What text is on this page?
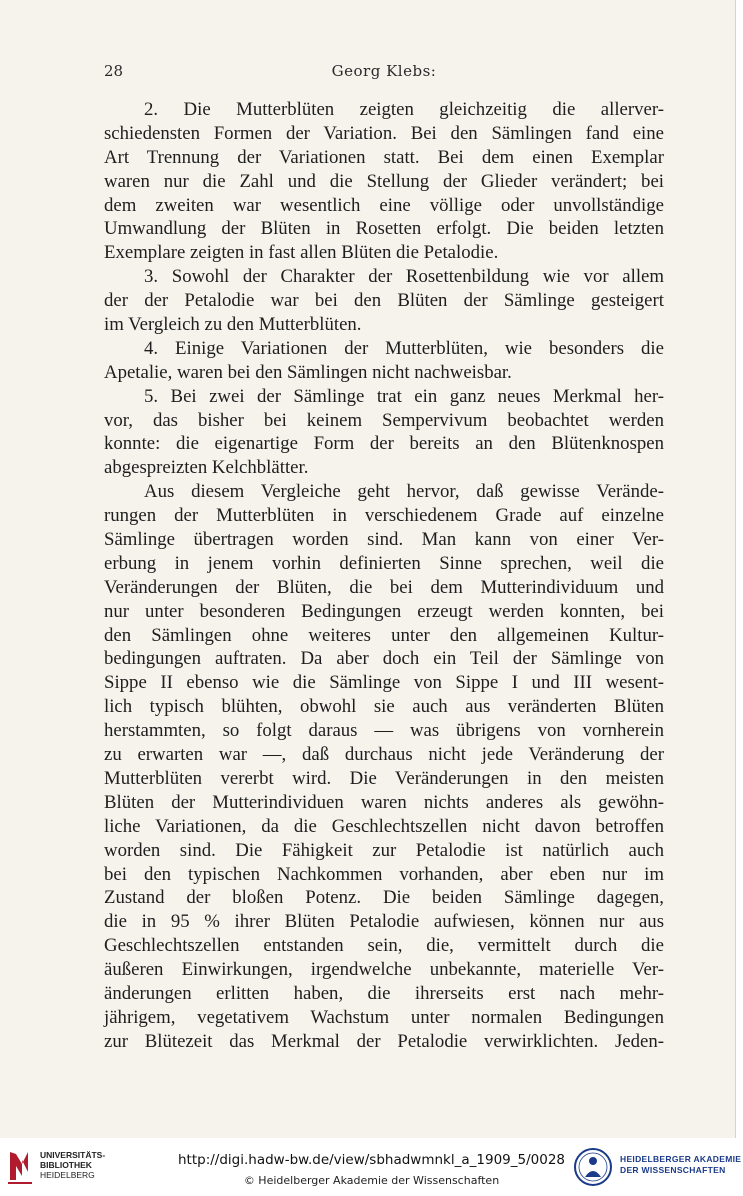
28	Georg Klebs:
2. Die Mutterblüten zeigten gleichzeitig die allerver-
schiedensten Formen der Variation. Bei den Sämlingen fand eine
Art Trennung der Variationen statt. Bei dem einen Exemplar
waren nur die Zahl und die Stellung der Glieder verändert; bei
dem zweiten war wesentlich eine völlige oder unvollständige
Umwandlung der Blüten in Rosetten erfolgt. Die beiden letzten
Exemplare zeigten in fast allen Blüten die Petalodie.
3. Sowohl der Charakter der Rosettenbildung wie vor allem
der der Petalodie war bei den Blüten der Sämlinge gesteigert
im Vergleich zu den Mutterblüten.
4. Einige Variationen der Mutterblüten, wie besonders die
Apetalie, waren bei den Sämlingen nicht nachweisbar.
5. Bei zwei der Sämlinge trat ein ganz neues Merkmal her-
vor, das bisher bei keinem Sempervivum beobachtet werden
konnte: die eigenartige Form der bereits an den Blütenknospen
abgespreizten Kelchblätter.
Aus diesem Vergleiche geht hervor, daß gewisse Verände-
rungen der Mutterblüten in verschiedenem Grade auf einzelne
Sämlinge übertragen worden sind. Man kann von einer Ver-
erbung in jenem vorhin definierten Sinne sprechen, weil die
Veränderungen der Blüten, die bei dem Mutterindividuum und
nur unter besonderen Bedingungen erzeugt werden konnten, bei
den Sämlingen ohne weiteres unter den allgemeinen Kultur-
bedingungen auftraten. Da aber doch ein Teil der Sämlinge von
Sippe II ebenso wie die Sämlinge von Sippe I und III wesent-
lich typisch blühten, obwohl sie auch aus veränderten Blüten
herstammten, so folgt daraus — was übrigens von vornherein
zu erwarten war —, daß durchaus nicht jede Veränderung der
Mutterblüten vererbt wird. Die Veränderungen in den meisten
Blüten der Mutterindividuen waren nichts anderes als gewöhn-
liche Variationen, da die Geschlechtszellen nicht davon betroffen
worden sind. Die Fähigkeit zur Petalodie ist natürlich auch
bei den typischen Nachkommen vorhanden, aber eben nur im
Zustand der bloßen Potenz. Die beiden Sämlinge dagegen,
die in 95 % ihrer Blüten Petalodie aufwiesen, können nur aus
Geschlechtszellen entstanden sein, die, vermittelt durch die
äußeren Einwirkungen, irgendwelche unbekannte, materielle Ver-
änderungen erlitten haben, die ihrerseits erst nach mehr-
jährigem, vegetativem Wachstum unter normalen Bedingungen
zur Blütezeit das Merkmal der Petalodie verwirklichten. Jeden-
UNIVERSITÄTS-
BIBLIOTHEK
HEIDELBERG
http://digi.hadw-bw.de/view/sbhadwmnkl_a_1909_5/0028
© Heidelberger Akademie der Wissenschaften
HEIDELBERGER AKADEMIE
DER WISSENSCHAFTEN
